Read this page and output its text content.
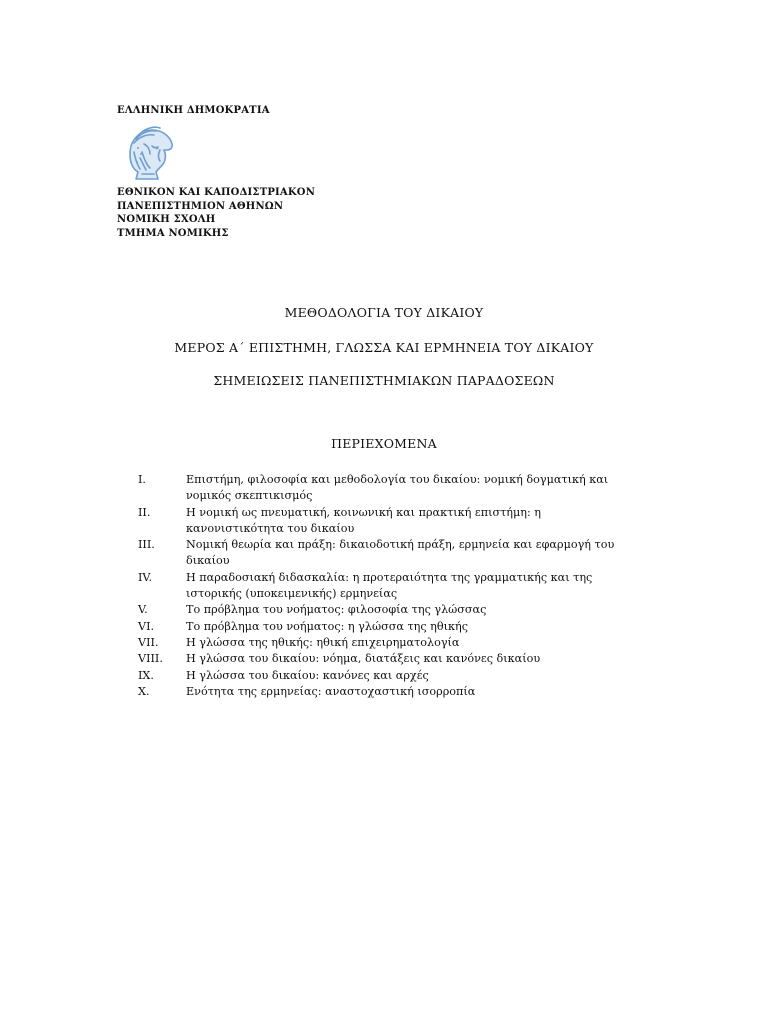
ΕΛΛΗΝΙΚΗ ΔΗΜΟΚΡΑΤΙΑ
ΕΘΝΙΚΟΝ ΚΑΙ ΚΑΠΟΔΙΣΤΡΙΑΚΟΝ
ΠΑΝΕΠΙΣΤΗΜΙΟΝ ΑΘΗΝΩΝ
ΝΟΜΙΚΗ ΣΧΟΛΗ
ΤΜΗΜΑ ΝΟΜΙΚΗΣ
ΜΕΘΟΔΟΛΟΓΙΑ ΤΟΥ ΔΙΚΑΙΟΥ
ΜΕΡΟΣ Α΄ ΕΠΙΣΤΗΜΗ, ΓΛΩΣΣΑ ΚΑΙ ΕΡΜΗΝΕΙΑ ΤΟΥ ΔΙΚΑΙΟΥ
ΣΗΜΕΙΩΣΕΙΣ ΠΑΝΕΠΙΣΤΗΜΙΑΚΩΝ ΠΑΡΑΔΟΣΕΩΝ
ΠΕΡΙΕΧΟΜΕΝΑ
I.	Επιστήμη, φιλοσοφία και μεθοδολογία του δικαίου: νομική δογματική και νομικός σκεπτικισμός
II.	Η νομική ως πνευματική, κοινωνική και πρακτική επιστήμη: η κανονιστικότητα του δικαίου
III.	Νομική θεωρία και πράξη: δικαιοδοτική πράξη, ερμηνεία και εφαρμογή του δικαίου
IV.	Η παραδοσιακή διδασκαλία: η προτεραιότητα της γραμματικής και της ιστορικής (υποκειμενικής) ερμηνείας
V.	Το πρόβλημα του νοήματος: φιλοσοφία της γλώσσας
VI.	Το πρόβλημα του νοήματος: η γλώσσα της ηθικής
VII.	Η γλώσσα της ηθικής: ηθική επιχειρηματολογία
VIII.	Η γλώσσα του δικαίου: νόημα, διατάξεις και κανόνες δικαίου
IX.	Η γλώσσα του δικαίου: κανόνες και αρχές
X.	Ενότητα της ερμηνείας: αναστοχαστική ισορροπία
